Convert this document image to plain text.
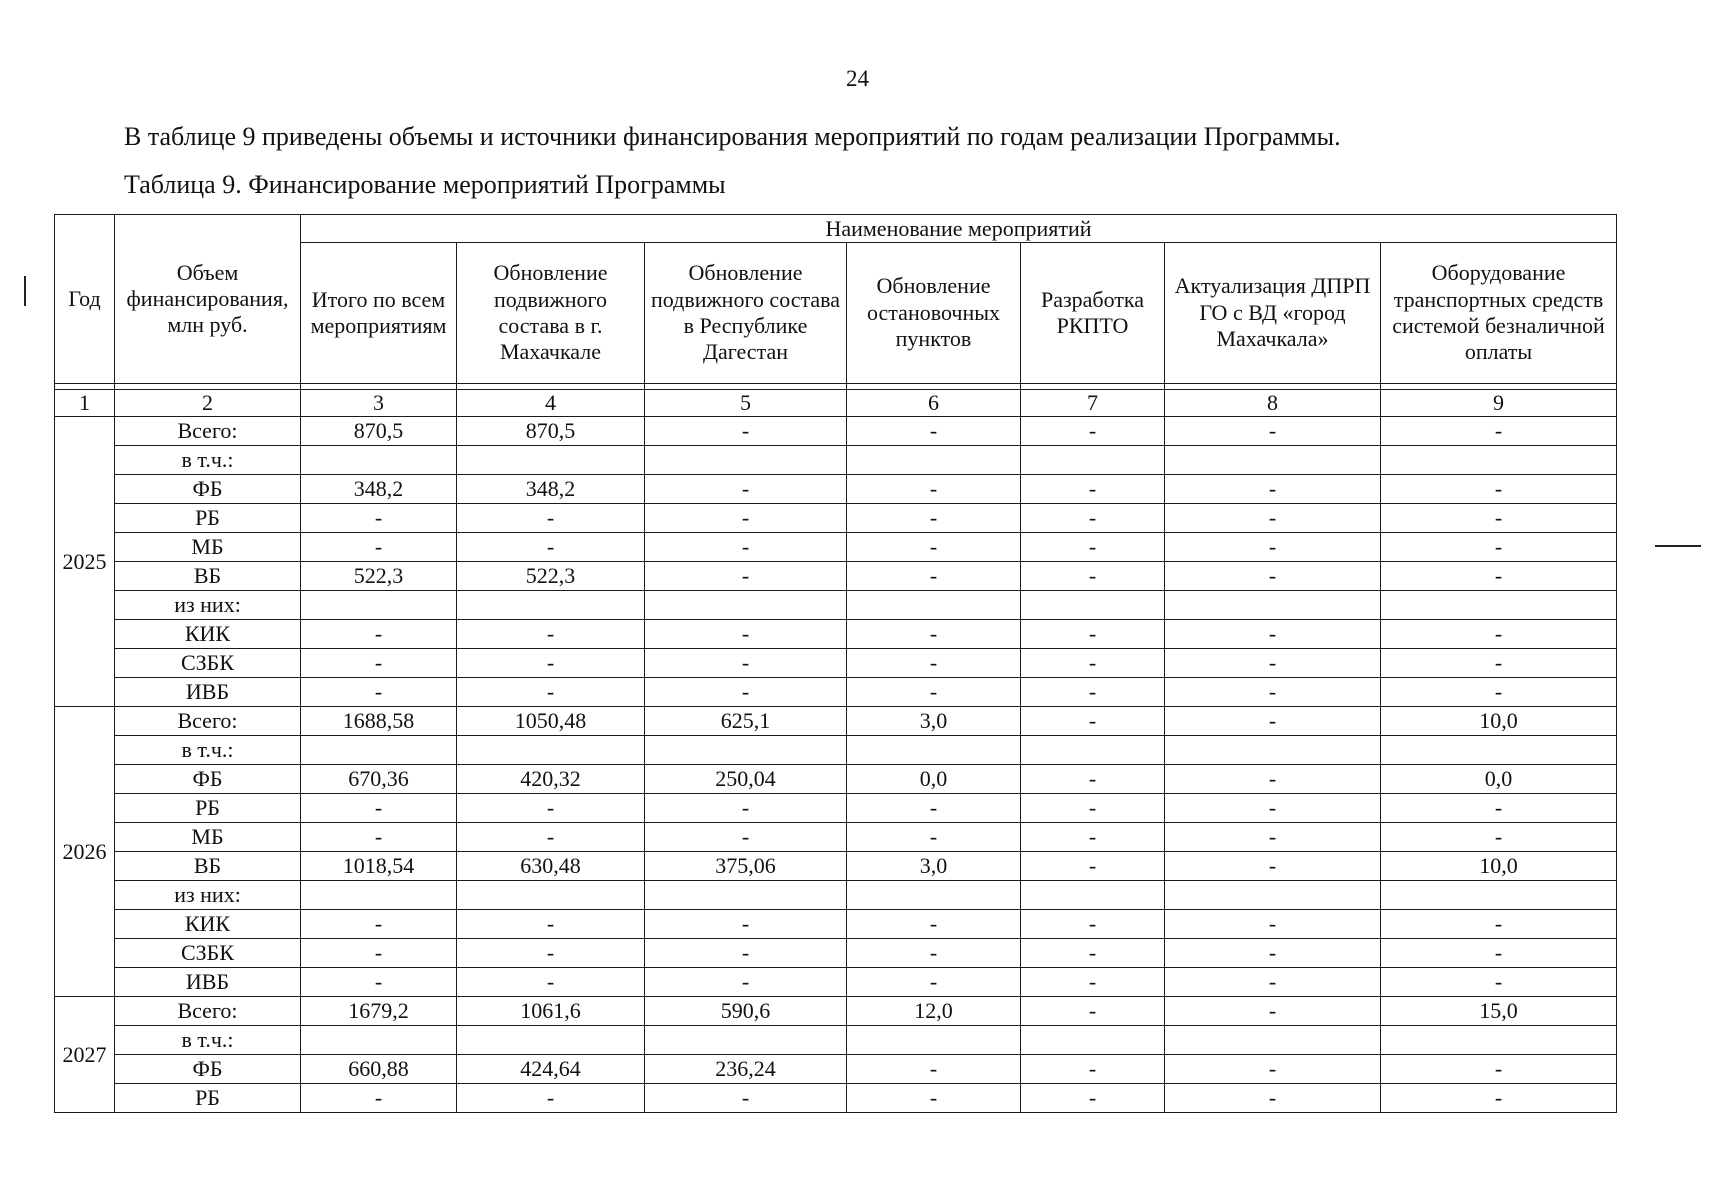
24
В таблице 9 приведены объемы и источники финансирования мероприятий по годам реализации Программы.
Таблица 9. Финансирование мероприятий Программы
Год	Объем финансирования, млн руб.	Наименование мероприятий						
		Итого по всем мероприятиям	Обновление подвижного состава в г. Махачкале	Обновление подвижного состава в Республике Дагестан	Обновление остановочных пунктов	Разработка РКПТО	Актуализация ДПРП ГО с ВД «город Махачкала»	Оборудование транспортных средств системой безналичной оплаты

1	2	3	4	5	6	7	8	9
2025	Всего:	870,5	870,5	-	-	-	-	-
	в т.ч.:							
	ФБ	348,2	348,2	-	-	-	-	-
	РБ	-	-	-	-	-	-	-
	МБ	-	-	-	-	-	-	-
	ВБ	522,3	522,3	-	-	-	-	-
	из них:							
	КИК	-	-	-	-	-	-	-
	СЗБК	-	-	-	-	-	-	-
	ИВБ	-	-	-	-	-	-	-
2026	Всего:	1688,58	1050,48	625,1	3,0	-	-	10,0
	в т.ч.:							
	ФБ	670,36	420,32	250,04	0,0	-	-	0,0
	РБ	-	-	-	-	-	-	-
	МБ	-	-	-	-	-	-	-
	ВБ	1018,54	630,48	375,06	3,0	-	-	10,0
	из них:							
	КИК	-	-	-	-	-	-	-
	СЗБК	-	-	-	-	-	-	-
	ИВБ	-	-	-	-	-	-	-
2027	Всего:	1679,2	1061,6	590,6	12,0	-	-	15,0
	в т.ч.:							
	ФБ	660,88	424,64	236,24	-	-	-	-
	РБ	-	-	-	-	-	-	-
